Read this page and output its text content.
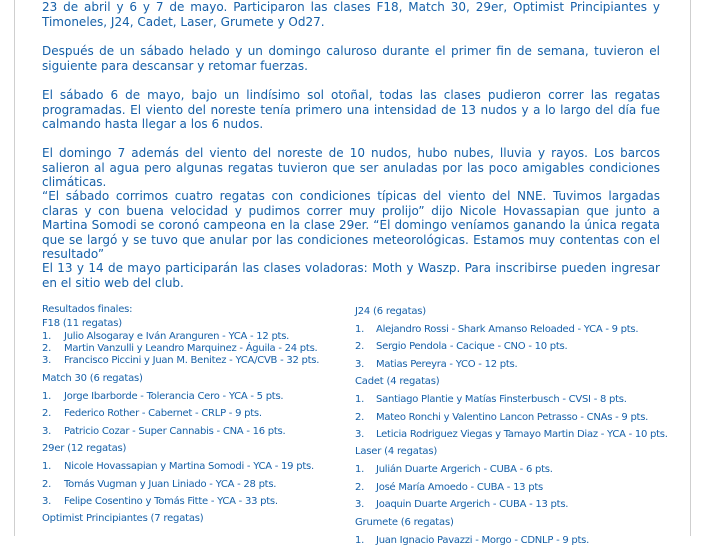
23 de abril y 6 y 7 de mayo. Participaron las clases F18, Match 30, 29er, Optimist Principiantes y Timoneles, J24, Cadet, Laser, Grumete y Od27.

Después de un sábado helado y un domingo caluroso durante el primer fin de semana, tuvieron el siguiente para descansar y retomar fuerzas.

El sábado 6 de mayo, bajo un lindísimo sol otoñal, todas las clases pudieron correr las regatas programadas. El viento del noreste tenía primero una intensidad de 13 nudos y a lo largo del día fue calmando hasta llegar a los 6 nudos.

El domingo 7 además del viento del noreste de 10 nudos, hubo nubes, lluvia y rayos. Los barcos salieron al agua pero algunas regatas tuvieron que ser anuladas por las poco amigables condiciones climáticas.

“El sábado corrimos cuatro regatas con condiciones típicas del viento del NNE. Tuvimos largadas claras y con buena velocidad y pudimos correr muy prolijo” dijo Nicole Hovassapian que junto a Martina Somodi se coronó campeona en la clase 29er. “El domingo veníamos ganando la única regata que se largó y se tuvo que anular por las condiciones meteorológicas. Estamos muy contentas con el resultado”

El 13 y 14 de mayo participarán las clases voladoras: Moth y Waszp. Para inscribirse pueden ingresar en el sitio web del club.

Resultados finales:
F18 (11 regatas)
1.	Julio Alsogaray e Iván Aranguren - YCA - 12 pts.
2.	Martin Vanzulli y Leandro Marquinez - Águila - 24 pts.
3.	Francisco Piccini y Juan M. Benitez - YCA/CVB - 32 pts.
Match 30 (6 regatas)
1.	Jorge Ibarborde - Tolerancia Cero - YCA - 5 pts.
2.	Federico Rother - Cabernet - CRLP - 9 pts.
3.	Patricio Cozar - Super Cannabis - CNA - 16 pts.
29er (12 regatas)
1.	Nicole Hovassapian y Martina Somodi - YCA - 19 pts.
2.	Tomás Vugman y Juan Liniado - YCA - 28 pts.
3.	Felipe Cosentino y Tomás Fitte - YCA - 33 pts.
Optimist Principiantes (7 regatas)
J24 (6 regatas)
1.	Alejandro Rossi - Shark Amanso Reloaded - YCA - 9 pts.
2.	Sergio Pendola - Cacique - CNO - 10 pts.
3.	Matias Pereyra - YCO - 12 pts.
Cadet (4 regatas)
1.	Santiago Plantie y Matías Finsterbusch - CVSI - 8 pts.
2.	Mateo Ronchi y Valentino Lancon Petrasso - CNAs - 9 pts.
3.	Leticia Rodriguez Viegas y Tamayo Martin Diaz - YCA - 10 pts.
Laser (4 regatas)
1.	Julián Duarte Argerich - CUBA - 6 pts.
2.	José María Amoedo - CUBA - 13 pts
3.	Joaquin Duarte Argerich - CUBA - 13 pts.
Grumete (6 regatas)
1.	Juan Ignacio Pavazzi - Morgo - CDNLP - 9 pts.
